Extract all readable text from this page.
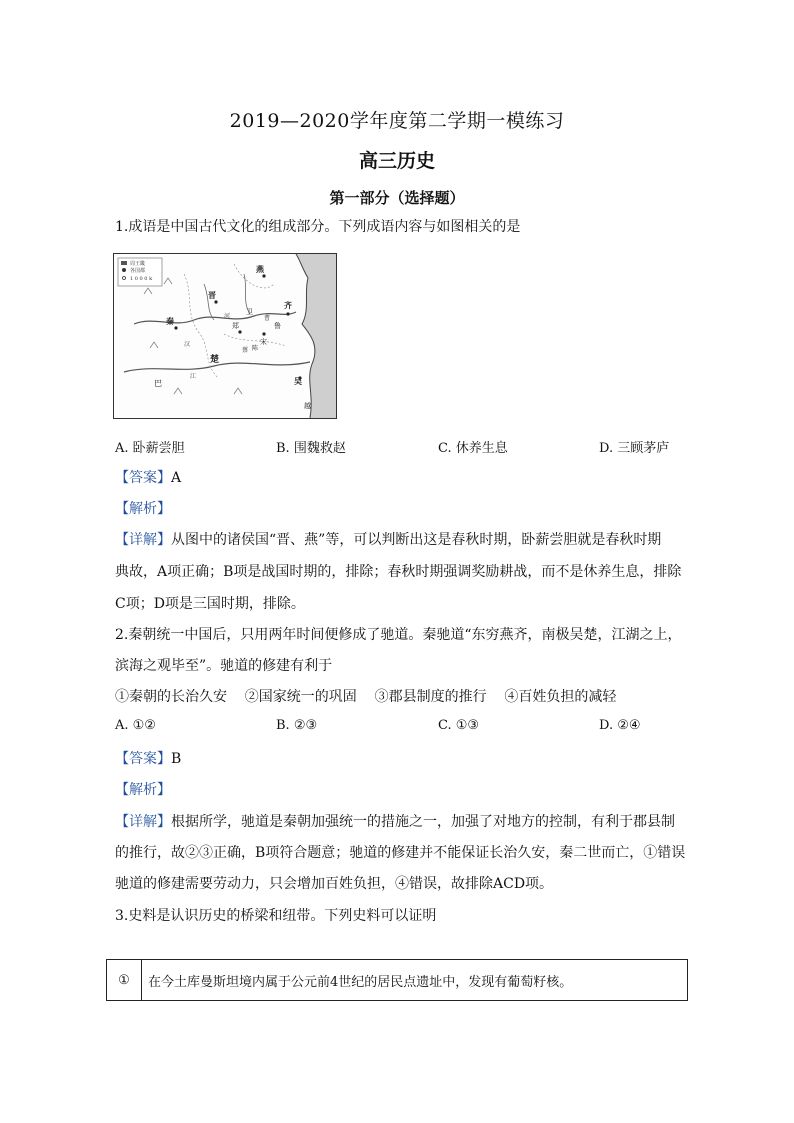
2019—2020学年度第二学期一模练习
高三历史
第一部分（选择题）
1.成语是中国古代文化的组成部分。下列成语内容与如图相关的是
周王畿
各国都
1 0 0 0 k
燕
晋
秦
齐
鲁
宋
郑
卫
楚
吴
越
巴
蔡 陈
曹
江
汉
河
A. 卧薪尝胆	B. 围魏救赵	C. 休养生息	D. 三顾茅庐
【答案】A
【解析】
【详解】从图中的诸侯国“晋、燕”等，可以判断出这是春秋时期，卧薪尝胆就是春秋时期
典故，A项正确；B项是战国时期的，排除；春秋时期强调奖励耕战，而不是休养生息，排除
C项；D项是三国时期，排除。
2.秦朝统一中国后，只用两年时间便修成了驰道。秦驰道“东穷燕齐，南极吴楚，江湖之上，
滨海之观毕至”。驰道的修建有利于
①秦朝的长治久安    ②国家统一的巩固    ③郡县制度的推行    ④百姓负担的减轻
A. ①②	B. ②③	C. ①③	D. ②④
【答案】B
【解析】
【详解】根据所学，驰道是秦朝加强统一的措施之一，加强了对地方的控制，有利于郡县制
的推行，故②③正确，B项符合题意；驰道的修建并不能保证长治久安，秦二世而亡，①错误
驰道的修建需要劳动力，只会增加百姓负担，④错误，故排除ACD项。
3.史料是认识历史的桥梁和纽带。下列史料可以证明
①	在今土库曼斯坦境内属于公元前4世纪的居民点遗址中，发现有葡萄籽核。
